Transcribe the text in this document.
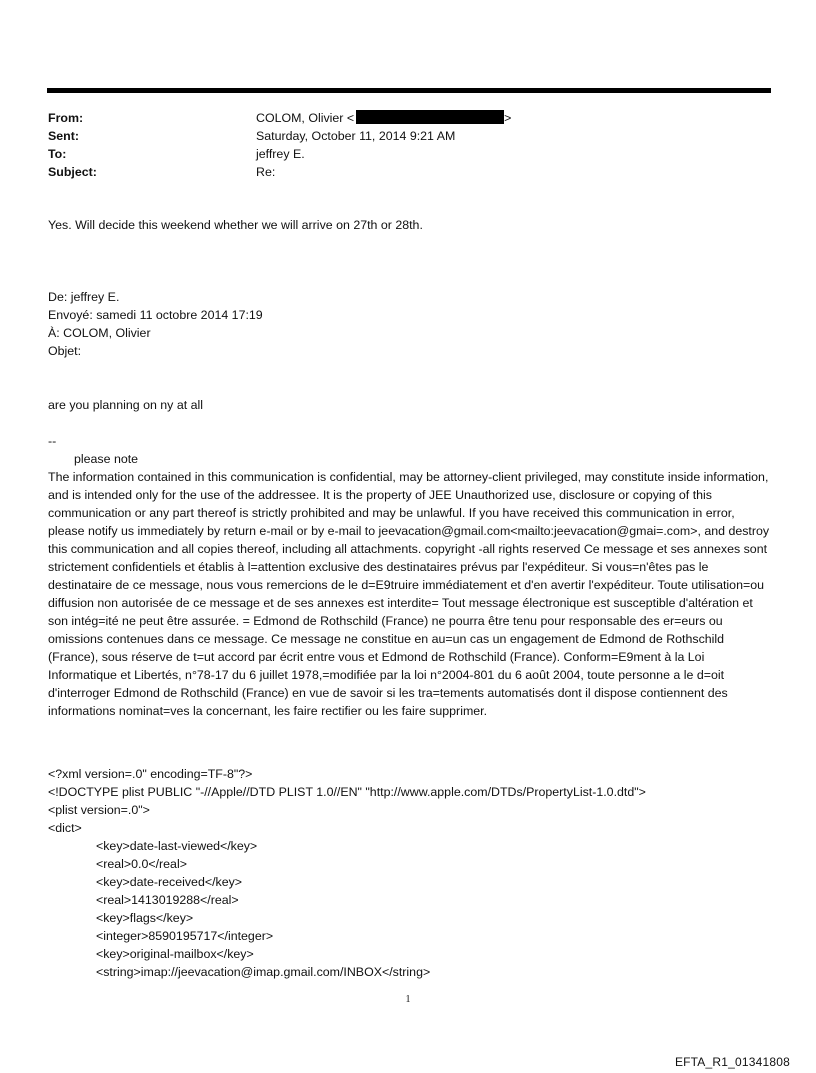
From:	COLOM, Olivier <	>
Sent:	Saturday, October 11, 2014 9:21 AM
To:	jeffrey E.
Subject:	Re:
Yes. Will decide this weekend whether we will arrive on 27th or 28th.
De: jeffrey E.
Envoyé: samedi 11 octobre 2014 17:19
À: COLOM, Olivier
Objet:
are you planning on ny at all
--
please note
The information contained in this communication is confidential, may be attorney-client privileged, may constitute inside information, and is intended only for the use of the addressee. It is the property of JEE Unauthorized use, disclosure or copying of this communication or any part thereof is strictly prohibited and may be unlawful. If you have received this communication in error, please notify us immediately by return e-mail or by e-mail to jeevacation@gmail.com<mailto:jeevacation@gmai=.com>, and destroy this communication and all copies thereof, including all attachments. copyright -all rights reserved Ce message et ses annexes sont strictement confidentiels et établis à l=attention exclusive des destinataires prévus par l'expéditeur. Si vous=n'êtes pas le destinataire de ce message, nous vous remercions de le d=E9truire immédiatement et d'en avertir l'expéditeur. Toute utilisation=ou diffusion non autorisée de ce message et de ses annexes est interdite= Tout message électronique est susceptible d'altération et son intég=ité ne peut être assurée. = Edmond de Rothschild (France) ne pourra être tenu pour responsable des er=eurs ou omissions contenues dans ce message. Ce message ne constitue en au=un cas un engagement de Edmond de Rothschild (France), sous réserve de t=ut accord par écrit entre vous et Edmond de Rothschild (France). Conform=E9ment à la Loi Informatique et Libertés, n°78-17 du 6 juillet 1978,=modifiée par la loi n°2004-801 du 6 août 2004, toute personne a le d=oit d'interroger Edmond de Rothschild (France) en vue de savoir si les tra=tements automatisés dont il dispose contiennent des informations nominat=ves la concernant, les faire rectifier ou les faire supprimer.
<?xml version=.0" encoding=TF-8"?>
<!DOCTYPE plist PUBLIC "-//Apple//DTD PLIST 1.0//EN" "http://www.apple.com/DTDs/PropertyList-1.0.dtd">
<plist version=.0">
<dict>
<key>date-last-viewed</key>
<real>0.0</real>
<key>date-received</key>
<real>1413019288</real>
<key>flags</key>
<integer>8590195717</integer>
<key>original-mailbox</key>
<string>imap://jeevacation@imap.gmail.com/INBOX</string>
1
EFTA_R1_01341808
